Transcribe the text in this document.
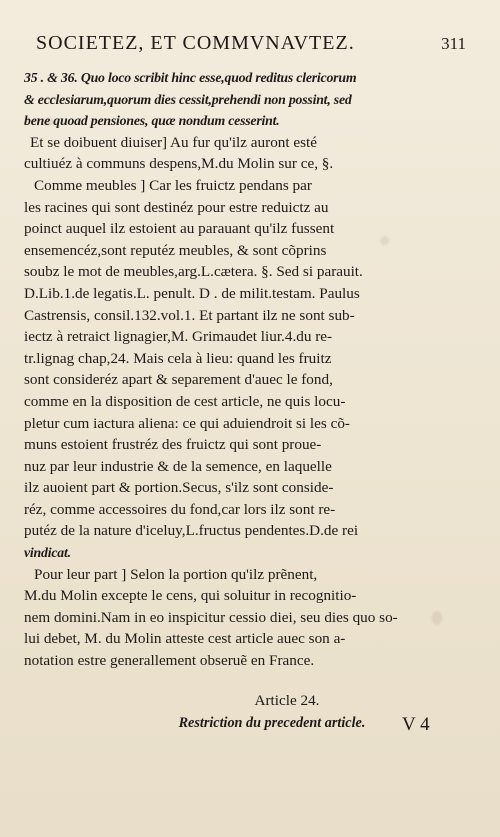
SOCIETEZ, ET COMMVNAVTEZ.	311
35 . & 36. Quo loco scribit hinc esse,quod reditus clericorum
& ecclesiarum,quorum dies cessit,prehendi non possint, sed
bene quoad pensiones, quæ nondum cesserint.
Et se doibuent diuiser] Au fur qu'ilz auront esté
cultiuéz à communs despens,M.du Molin sur ce, §.
Comme meubles ] Car les fruictz pendans par
les racines qui sont destinéz pour estre reduictz au
poinct auquel ilz estoient au parauant qu'ilz fussent
ensemencéz,sont reputéz meubles, & sont cõprins
soubz le mot de meubles,arg.L.cætera. §. Sed si parauit.
D.Lib.1.de legatis.L. penult. D . de milit.testam. Paulus
Castrensis, consil.132.vol.1. Et partant ilz ne sont sub-
iectz à retraict lignagier,M. Grimaudet liur.4.du re-
tr.lignag chap,24. Mais cela à lieu: quand les fruitz
sont consideréz apart & separement d'auec le fond,
comme en la disposition de cest article, ne quis locu-
pletur cum iactura aliena: ce qui aduiendroit si les cõ-
muns estoient frustréz des fruictz qui sont proue-
nuz par leur industrie & de la semence, en laquelle
ilz auoient part & portion.Secus, s'ilz sont conside-
réz, comme accessoires du fond,car lors ilz sont re-
putéz de la nature d'iceluy,L.fructus pendentes.D.de rei
vindicat.
Pour leur part ] Selon la portion qu'ilz prẽnent,
M.du Molin excepte le cens, qui soluitur in recognitio-
nem domini.Nam in eo inspicitur cessio diei, seu dies quo so-
lui debet, M. du Molin atteste cest article auec son a-
notation estre generallement obseruẽ en France.
Article 24.
Restriction du precedent article.	V 4
